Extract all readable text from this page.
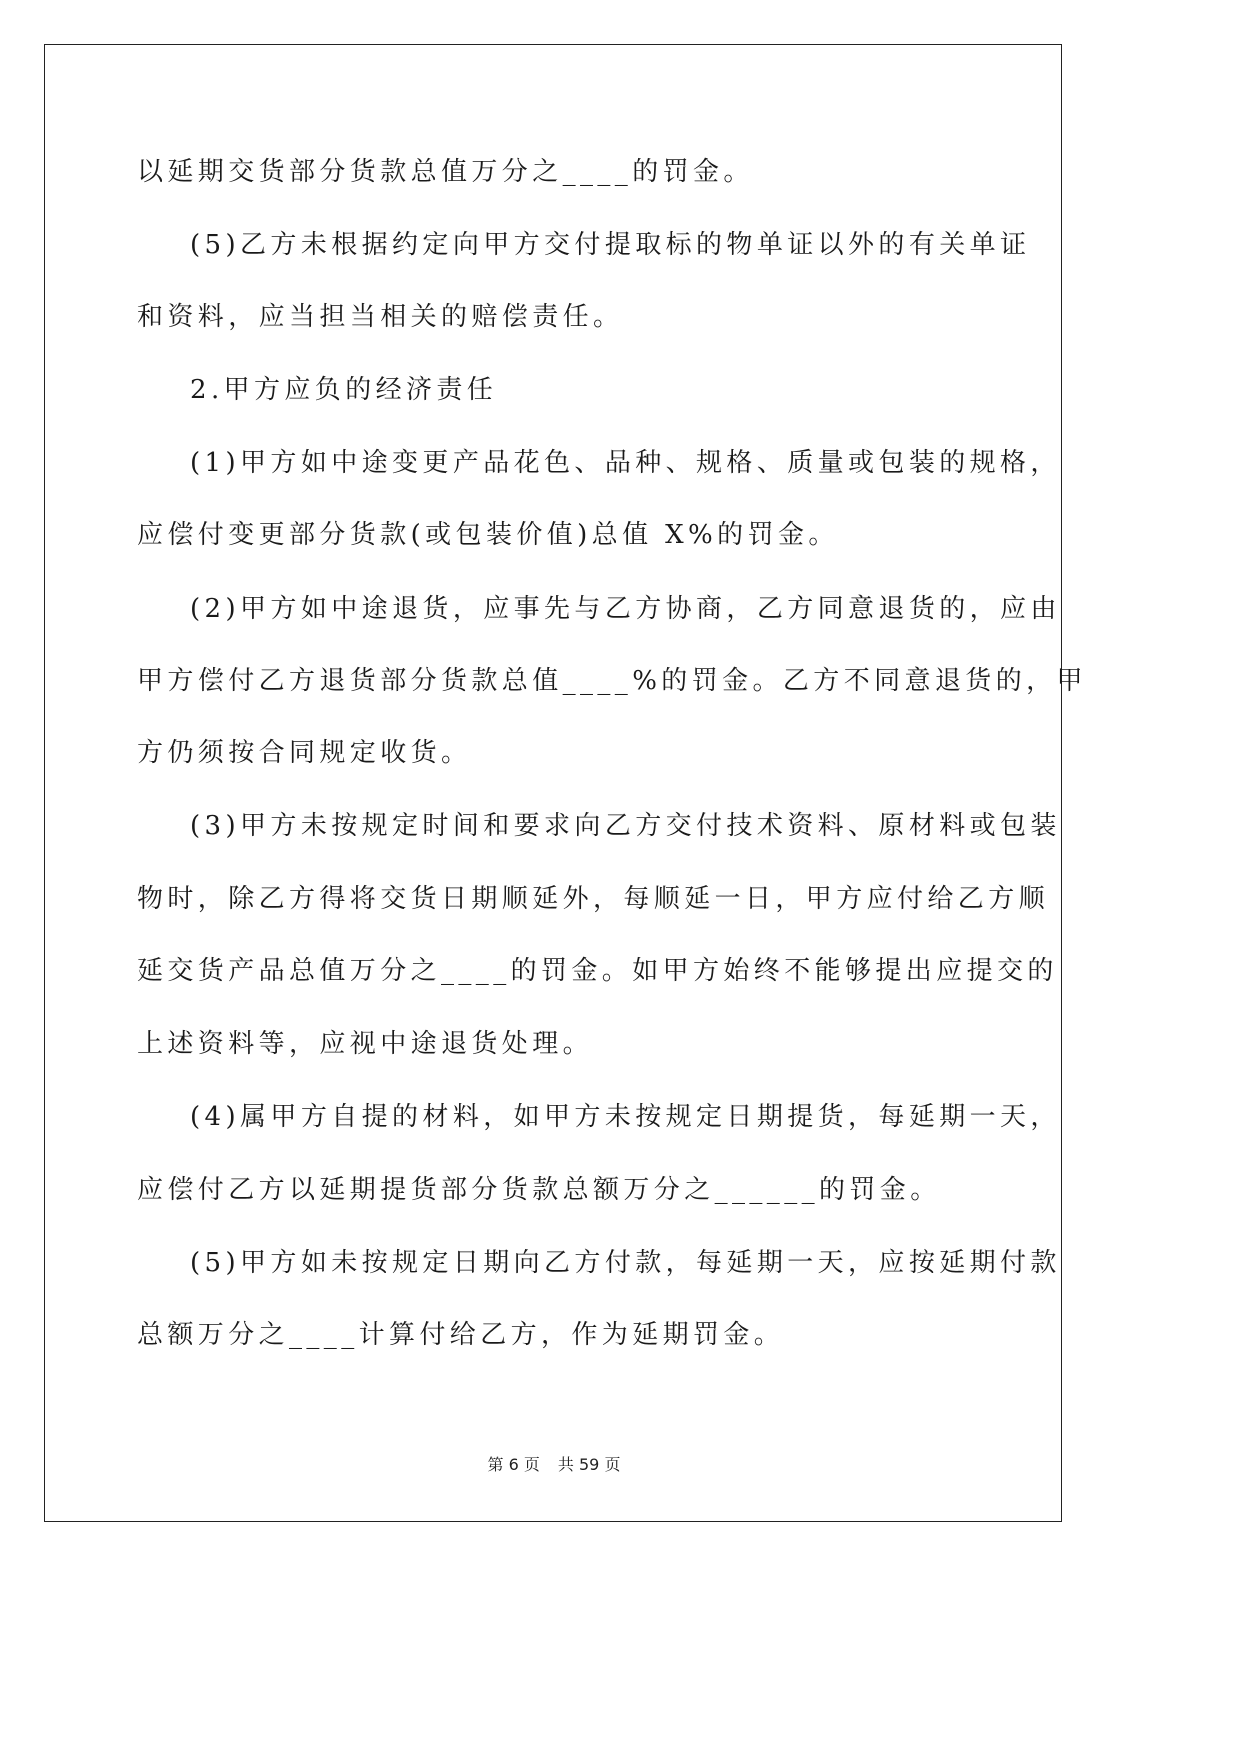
以延期交货部分货款总值万分之____的罚金。
(5)乙方未根据约定向甲方交付提取标的物单证以外的有关单证
和资料，应当担当相关的赔偿责任。
2.甲方应负的经济责任
(1)甲方如中途变更产品花色、品种、规格、质量或包装的规格，
应偿付变更部分货款(或包装价值)总值 X%的罚金。
(2)甲方如中途退货，应事先与乙方协商，乙方同意退货的，应由
甲方偿付乙方退货部分货款总值____%的罚金。乙方不同意退货的，甲
方仍须按合同规定收货。
(3)甲方未按规定时间和要求向乙方交付技术资料、原材料或包装
物时，除乙方得将交货日期顺延外，每顺延一日，甲方应付给乙方顺
延交货产品总值万分之____的罚金。如甲方始终不能够提出应提交的
上述资料等，应视中途退货处理。
(4)属甲方自提的材料，如甲方未按规定日期提货，每延期一天，
应偿付乙方以延期提货部分货款总额万分之______的罚金。
(5)甲方如未按规定日期向乙方付款，每延期一天，应按延期付款
总额万分之____计算付给乙方，作为延期罚金。
第 6 页 共 59 页
